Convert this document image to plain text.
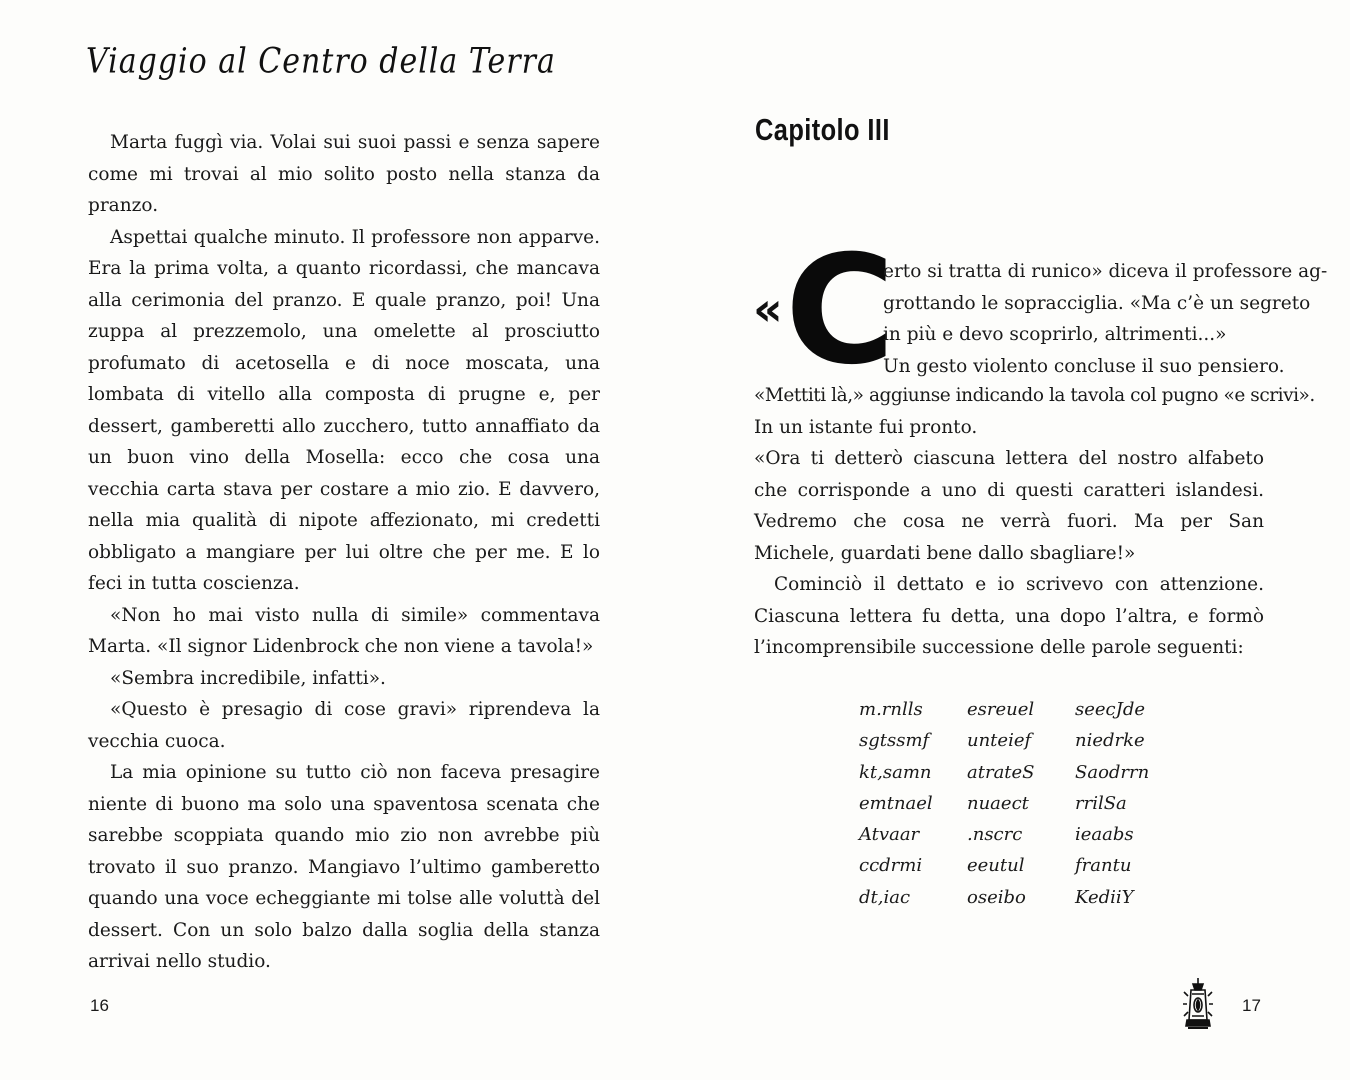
Viaggio al Centro della Terra

Marta fuggì via. Volai sui suoi passi e senza sapere come mi trovai al mio solito posto nella stanza da pranzo.

Aspettai qualche minuto. Il professore non apparve. Era la prima volta, a quanto ricordassi, che mancava alla cerimonia del pranzo. E quale pranzo, poi! Una zuppa al prezzemolo, una omelette al prosciutto profumato di acetosella e di noce moscata, una lombata di vitello alla composta di prugne e, per dessert, gamberetti allo zucchero, tutto annaffiato da un buon vino della Mosella: ecco che cosa una vecchia carta stava per costare a mio zio. E davvero, nella mia qualità di nipote affezionato, mi credetti obbligato a mangiare per lui oltre che per me. E lo feci in tutta coscienza.

«Non ho mai visto nulla di simile» commentava Marta. «Il signor Lidenbrock che non viene a tavola!»

«Sembra incredibile, infatti».

«Questo è presagio di cose gravi» riprendeva la vecchia cuoca.

La mia opinione su tutto ciò non faceva presagire niente di buono ma solo una spaventosa scenata che sarebbe scoppiata quando mio zio non avrebbe più trovato il suo pranzo. Mangiavo l’ultimo gamberetto quando una voce echeggiante mi tolse alle voluttà del dessert. Con un solo balzo dalla soglia della stanza arrivai nello studio.

16
Capitolo III
« C
erto si tratta di runico» diceva il professore ag-
grottando le sopracciglia. «Ma c’è un segreto
in più e devo scoprirlo, altrimenti...»
Un gesto violento concluse il suo pensiero.

«Mettiti là,» aggiunse indicando la tavola col pugno «e scrivi».

In un istante fui pronto.

«Ora ti detterò ciascuna lettera del nostro alfabeto che corrisponde a uno di questi caratteri islandesi. Vedremo che cosa ne verrà fuori. Ma per San Michele, guardati bene dallo sbagliare!»

Cominciò il dettato e io scrivevo con attenzione. Ciascuna lettera fu detta, una dopo l’altra, e formò l’incomprensibile successione delle parole seguenti:

m.rnlls	esreuel	seecJde
sgtssmf	unteief	niedrke
kt,samn	atrateS	Saodrrn
emtnael	nuaect	rrilSa
Atvaar	.nscrc	ieaabs
ccdrmi	eeutul	frantu
dt,iac	oseibo	KediiY
17
